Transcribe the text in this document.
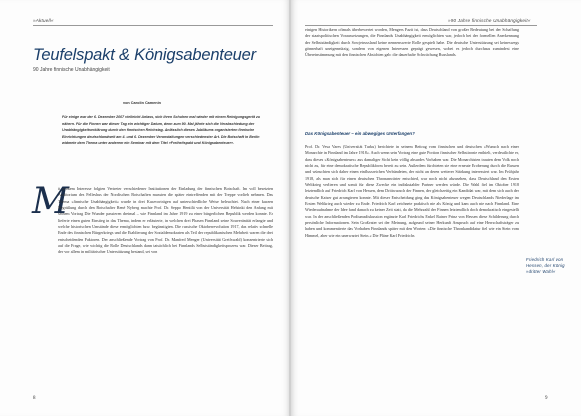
»Aktuell«
Teufelspakt & Königsabenteuer
90 Jahre finnische Unabhängigkeit
von Carolin Camenin

Für einige war der 6. Dezember 2007 vielleicht Anlass, sich ihren Schuhen mal wieder mit einem Reinigungsgerät zu nähern. Für die Finnen war dieser Tag ein wichtiger Datum, denn zum 90. Mal jährte sich die Verabschiedung der Unabhängigkeitserklärung durch den finnischen Reichstag. Anlässlich dieses Jubiläums organisierten finnische Einrichtungen deutschlandweit am 4. und 6. Dezember Veranstaltungen verschiedenster Art. Die Botschaft in Berlin widmete dem Thema unter anderem ein Seminar mit dem Titel »Freiheitspakt und Königsabenteuer«.

M

it großem Interesse folgten Vertreter verschiedener Institutionen der Einladung der finnischen Botschaft. Im voll besetzten Auditorium des Felleshus der Nordischen Botschaften mussten die später eintreffenden mit der Treppe vorlieb nehmen. Das Thema »finnische Unabhängigkeit« wurde in drei Kurzvorträgen auf unterschiedliche Weise beleuchtet. Nach einer kurzen Begrüßung durch den Botschafter René Nyberg machte Prof. Dr. Seppo Hentilä von der Universität Helsinki den Anfang mit seinem Vortrag Die Wunder passieren dreimal – wie Finnland im Jahre 1919 zu einer bürgerlichen Republik werden konnte. Er lieferte einen guten Einstieg in das Thema, indem er erläuterte, in welchen drei Phasen Finnland seine Souveränität erlangte und welche historischen Umstände diese ermöglichten bzw. begünstigten. Die russische Oktoberrevolution 1917, das relativ schnelle Ende des finnischen Bürgerkriegs und die Etablierung der Sozialdemokraten als Teil der republikanischen Mehrheit waren die drei entscheidenden Faktoren. Der anschließende Vortrag von Prof. Dr. Manfred Menger (Universität Greifswald) konzentrierte sich auf die Frage, wie wichtig die Rolle Deutschlands dann tatsächlich bei Finnlands Selbstständigkeitsprozess war. Dieser Beitrag, der vor allem in militärischer Unterstützung bestand, sei von

8	9
»90 Jahre finnische Unabhängigkeit«

einigen Historikern oftmals überbewertet worden, Mengers Fazit ist, dass Deutschland von großer Bedeutung bei der Schaffung der staatspolitischen Voraussetzungen, die Finnlands Unabhängigkeit ermöglichten war, jedoch bei der formellen Anerkennung der Selbstständigkeit durch Sowjetrussland keine nennenswerte Rolle gespielt habe. Die deutsche Unterstützung sei keineswegs gönnerhaft uneigennützig, sondern von eigenen Interessen geprägt gewesen, wobei es jedoch durchaus zumindest eine Übereinstimmung mit den finnischen Absichten gab: die dauerhafte Schwächung Russlands.

Das Königsabenteuer – ein abwegiges Unterfangen?

Prof. Dr. Vesa Vares (Universität Turku) berichtete in seinem Beitrag vom finnischen und deutschen »Wunsch nach einer Monarchie in Finnland im Jahre 1918«. Auch wenn sein Vortrag eine gute Portion finnischer Selbstironie enthielt, verdeutlichte er, dass dieses »Königsabenteuer« aus damaliger Sicht kein völlig absurdes Vorhaben war. Die Monarchisten trauten dem Volk noch nicht zu, für eine demokratische Republikform bereit zu sein. Außerdem fürchteten sie eine erneute Eroberung durch die Russen und wünschten sich daher einen einflussreichen Verbündeten, der nicht an deren weiterer Stärkung interessiert war. Im Frühjahr 1918, als man sich für einen deutschen Thronanwärter entschied, war noch nicht abzusehen, dass Deutschland den Ersten Weltkrieg verlieren und somit für diese Zwecke ein indiskutabler Partner werden würde. Die Wahl fiel im Oktober 1918 letztendlich auf Friedrich Karl von Hessen, dem Drittwaosch der Finnen, der gleichzeitig ein Kandidat war, mit dem sich auch der deutsche Kaiser gut arrangieren konnte. Mit dieser Entscheidung ging das Königsabenteuer wegen Deutschlands Niederlage im Ersten Weltkrieg auch wieder zu Ende. Friedrich Karl zeichnete praktisch nie als König und kam auch nie nach Finnland. Eine Wiederaufnahme der Idee fand danach zu keiner Zeit statt, da die Mehrzahl der Finnen letztendlich doch demokratisch eingestellt war. In der anschließenden Podiumsdiskussion ergänzte Karl Friedrichs Enkel Rainer Prinz von Hessen diese Schilderung durch persönliche Informationen. Sein Großvater sei der Meinung, aufgrund seiner Herkunft Anspruch auf eine Herrschaftsträger zu haben und kommentierte das Vorhaben Finnlands später mit den Worten: »Die finnische Thronkandidatur fiel wie ein Stein vom Himmel, aber wie ein unerwartet Stein.« Die Pläne Karl Friedrichs

Friedrich Karl von Hessen, der König »dritter Wahl«
